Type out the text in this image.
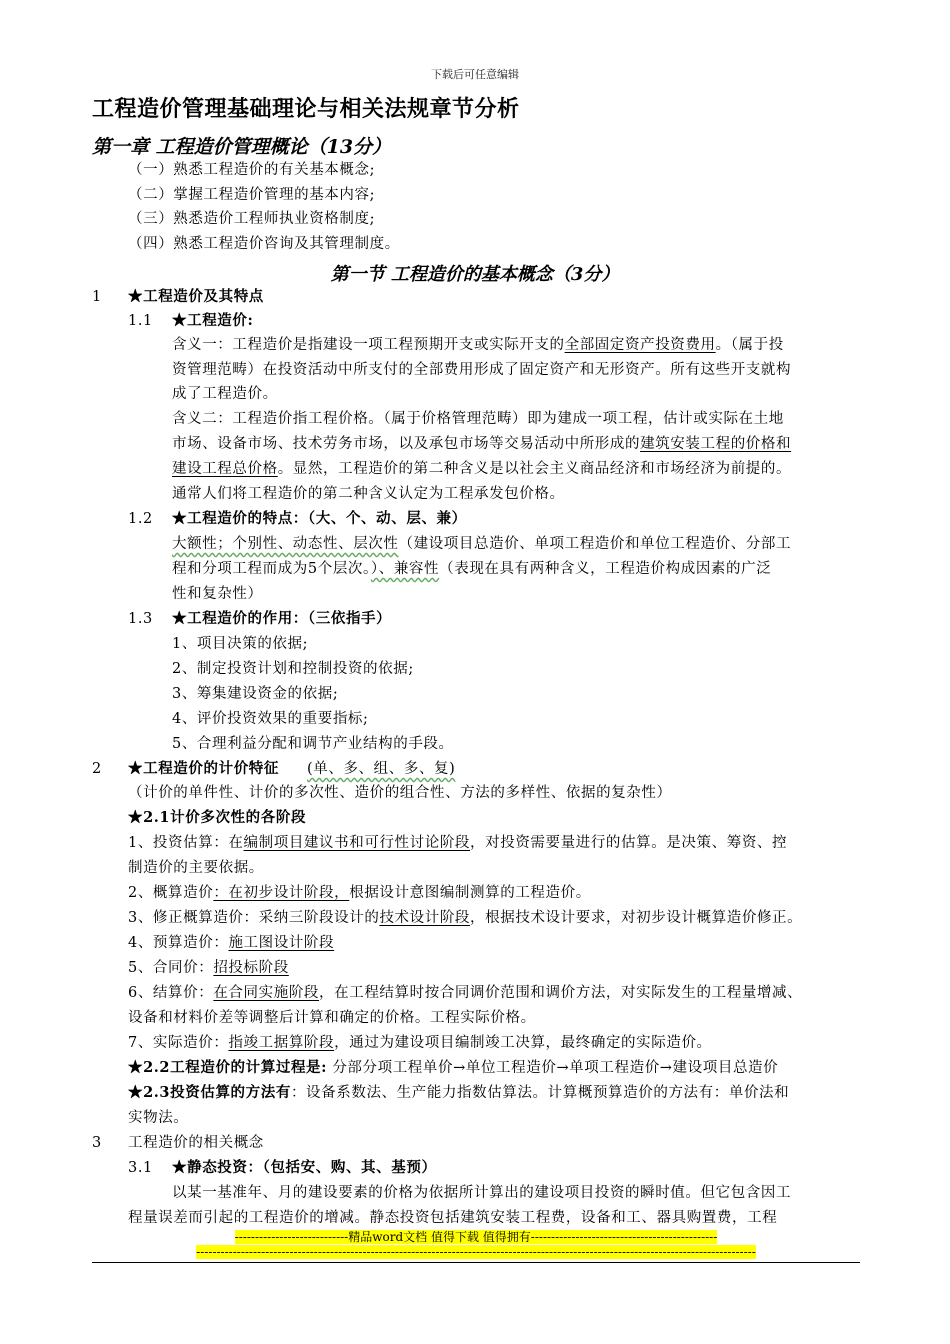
下载后可任意编辑
工程造价管理基础理论与相关法规章节分析
第一章 工程造价管理概论（13分）
（一）熟悉工程造价的有关基本概念;
（二）掌握工程造价管理的基本内容;
（三）熟悉造价工程师执业资格制度;
（四）熟悉工程造价咨询及其管理制度。
第一节 工程造价的基本概念（3分）
1 ★工程造价及其特点
1.1 ★工程造价:
含义一：工程造价是指建设一项工程预期开支或实际开支的全部固定资产投资费用。（属于投
资管理范畴）在投资活动中所支付的全部费用形成了固定资产和无形资产。所有这些开支就构
成了工程造价。
含义二：工程造价指工程价格。（属于价格管理范畴）即为建成一项工程，估计或实际在土地
市场、设备市场、技术劳务市场，以及承包市场等交易活动中所形成的建筑安装工程的价格和
建设工程总价格。显然，工程造价的第二种含义是以社会主义商品经济和市场经济为前提的。
通常人们将工程造价的第二种含义认定为工程承发包价格。
1.2 ★工程造价的特点：（大、个、动、层、兼）
大额性；个别性、动态性、层次性（建设项目总造价、单项工程造价和单位工程造价、分部工
程和分项工程而成为5个层次。）、兼容性（表现在具有两种含义，工程造价构成因素的广泛
性和复杂性）
1.3 ★工程造价的作用：（三依指手）
1、项目决策的依据;
2、制定投资计划和控制投资的依据;
3、筹集建设资金的依据;
4、评价投资效果的重要指标;
5、合理利益分配和调节产业结构的手段。
2 ★工程造价的计价特征 (单、多、组、多、复)
（计价的单件性、计价的多次性、造价的组合性、方法的多样性、依据的复杂性）
★2.1计价多次性的各阶段
1、投资估算：在编制项目建议书和可行性讨论阶段，对投资需要量进行的估算。是决策、筹资、控
制造价的主要依据。
2、概算造价：在初步设计阶段，根据设计意图编制测算的工程造价。
3、修正概算造价：采纳三阶段设计的技术设计阶段，根据技术设计要求，对初步设计概算造价修正。
4、预算造价：施工图设计阶段
5、合同价：招投标阶段
6、结算价：在合同实施阶段，在工程结算时按合同调价范围和调价方法，对实际发生的工程量增减、
设备和材料价差等调整后计算和确定的价格。工程实际价格。
7、实际造价：指竣工据算阶段，通过为建设项目编制竣工决算，最终确定的实际造价。
★2.2工程造价的计算过程是: 分部分项工程单价→单位工程造价→单项工程造价→建设项目总造价
★2.3投资估算的方法有：设备系数法、生产能力指数估算法。计算概预算造价的方法有：单价法和
实物法。
3 工程造价的相关概念
3.1 ★静态投资：（包括安、购、其、基预）
以某一基准年、月的建设要素的价格为依据所计算出的建设项目投资的瞬时值。但它包含因工
程量误差而引起的工程造价的增减。静态投资包括建筑安装工程费，设备和工、器具购置费，工程
----------------------------精品word文档 值得下载 值得拥有----------------------------------------------
------------------------------------------------------------------------------------------------------------------------------------------
